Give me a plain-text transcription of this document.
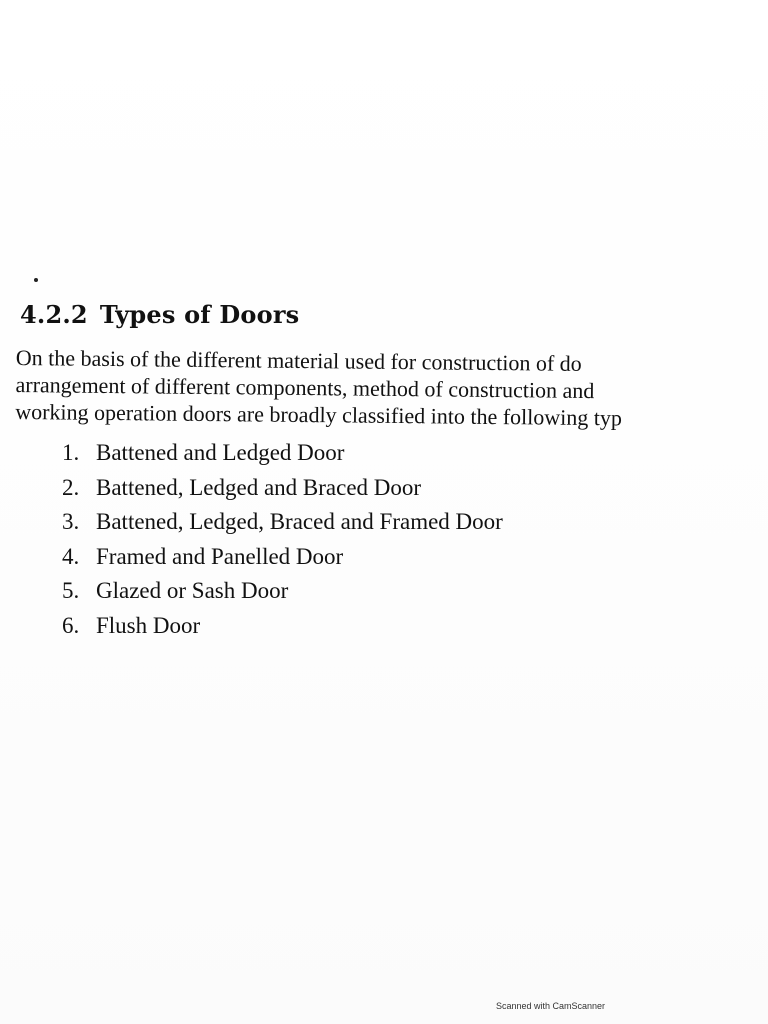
4.2.2 Types of Doors
On the basis of the different material used for construction of do
arrangement of different components, method of construction and
working operation doors are broadly classified into the following typ
1. Battened and Ledged Door
2. Battened, Ledged and Braced Door
3. Battened, Ledged, Braced and Framed Door
4. Framed and Panelled Door
5. Glazed or Sash Door
6. Flush Door
Scanned with CamScanner
